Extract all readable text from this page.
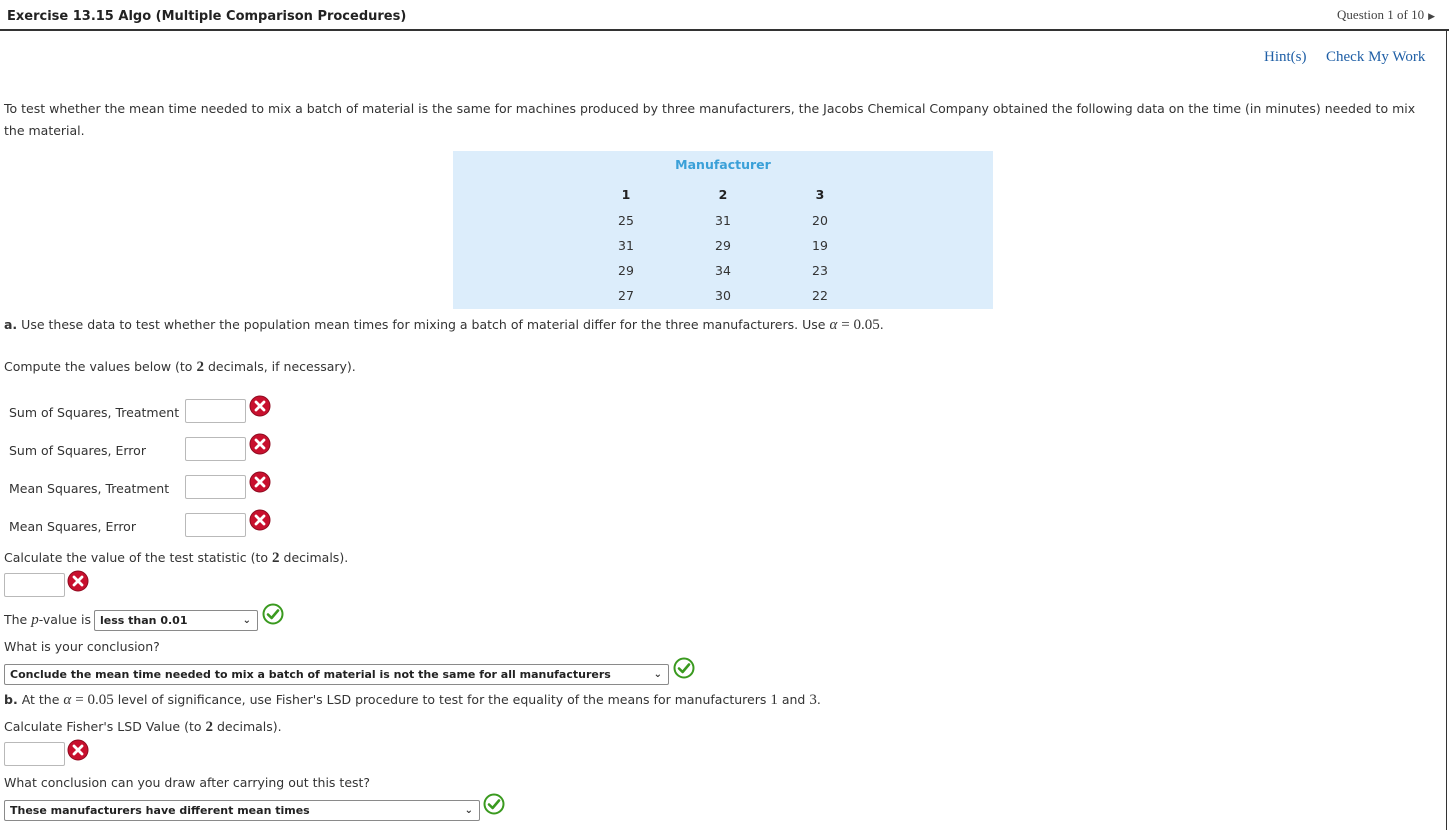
Exercise 13.15 Algo (Multiple Comparison Procedures)	Question 1 of 10 ▶
Hint(s) Check My Work
To test whether the mean time needed to mix a batch of material is the same for machines produced by three manufacturers, the Jacobs Chemical Company obtained the following data on the time (in minutes) needed to mix the material.
Manufacturer
1	2	3
25	31	20
31	29	19
29	34	23
27	30	22
a. Use these data to test whether the population mean times for mixing a batch of material differ for the three manufacturers. Use α = 0.05.
Compute the values below (to 2 decimals, if necessary).
Sum of Squares, Treatment
Sum of Squares, Error
Mean Squares, Treatment
Mean Squares, Error
Calculate the value of the test statistic (to 2 decimals).
The p-value is less than 0.01	⌄
What is your conclusion?
Conclude the mean time needed to mix a batch of material is not the same for all manufacturers	⌄
b. At the α = 0.05 level of significance, use Fisher's LSD procedure to test for the equality of the means for manufacturers 1 and 3.
Calculate Fisher's LSD Value (to 2 decimals).
What conclusion can you draw after carrying out this test?
These manufacturers have different mean times	⌄
